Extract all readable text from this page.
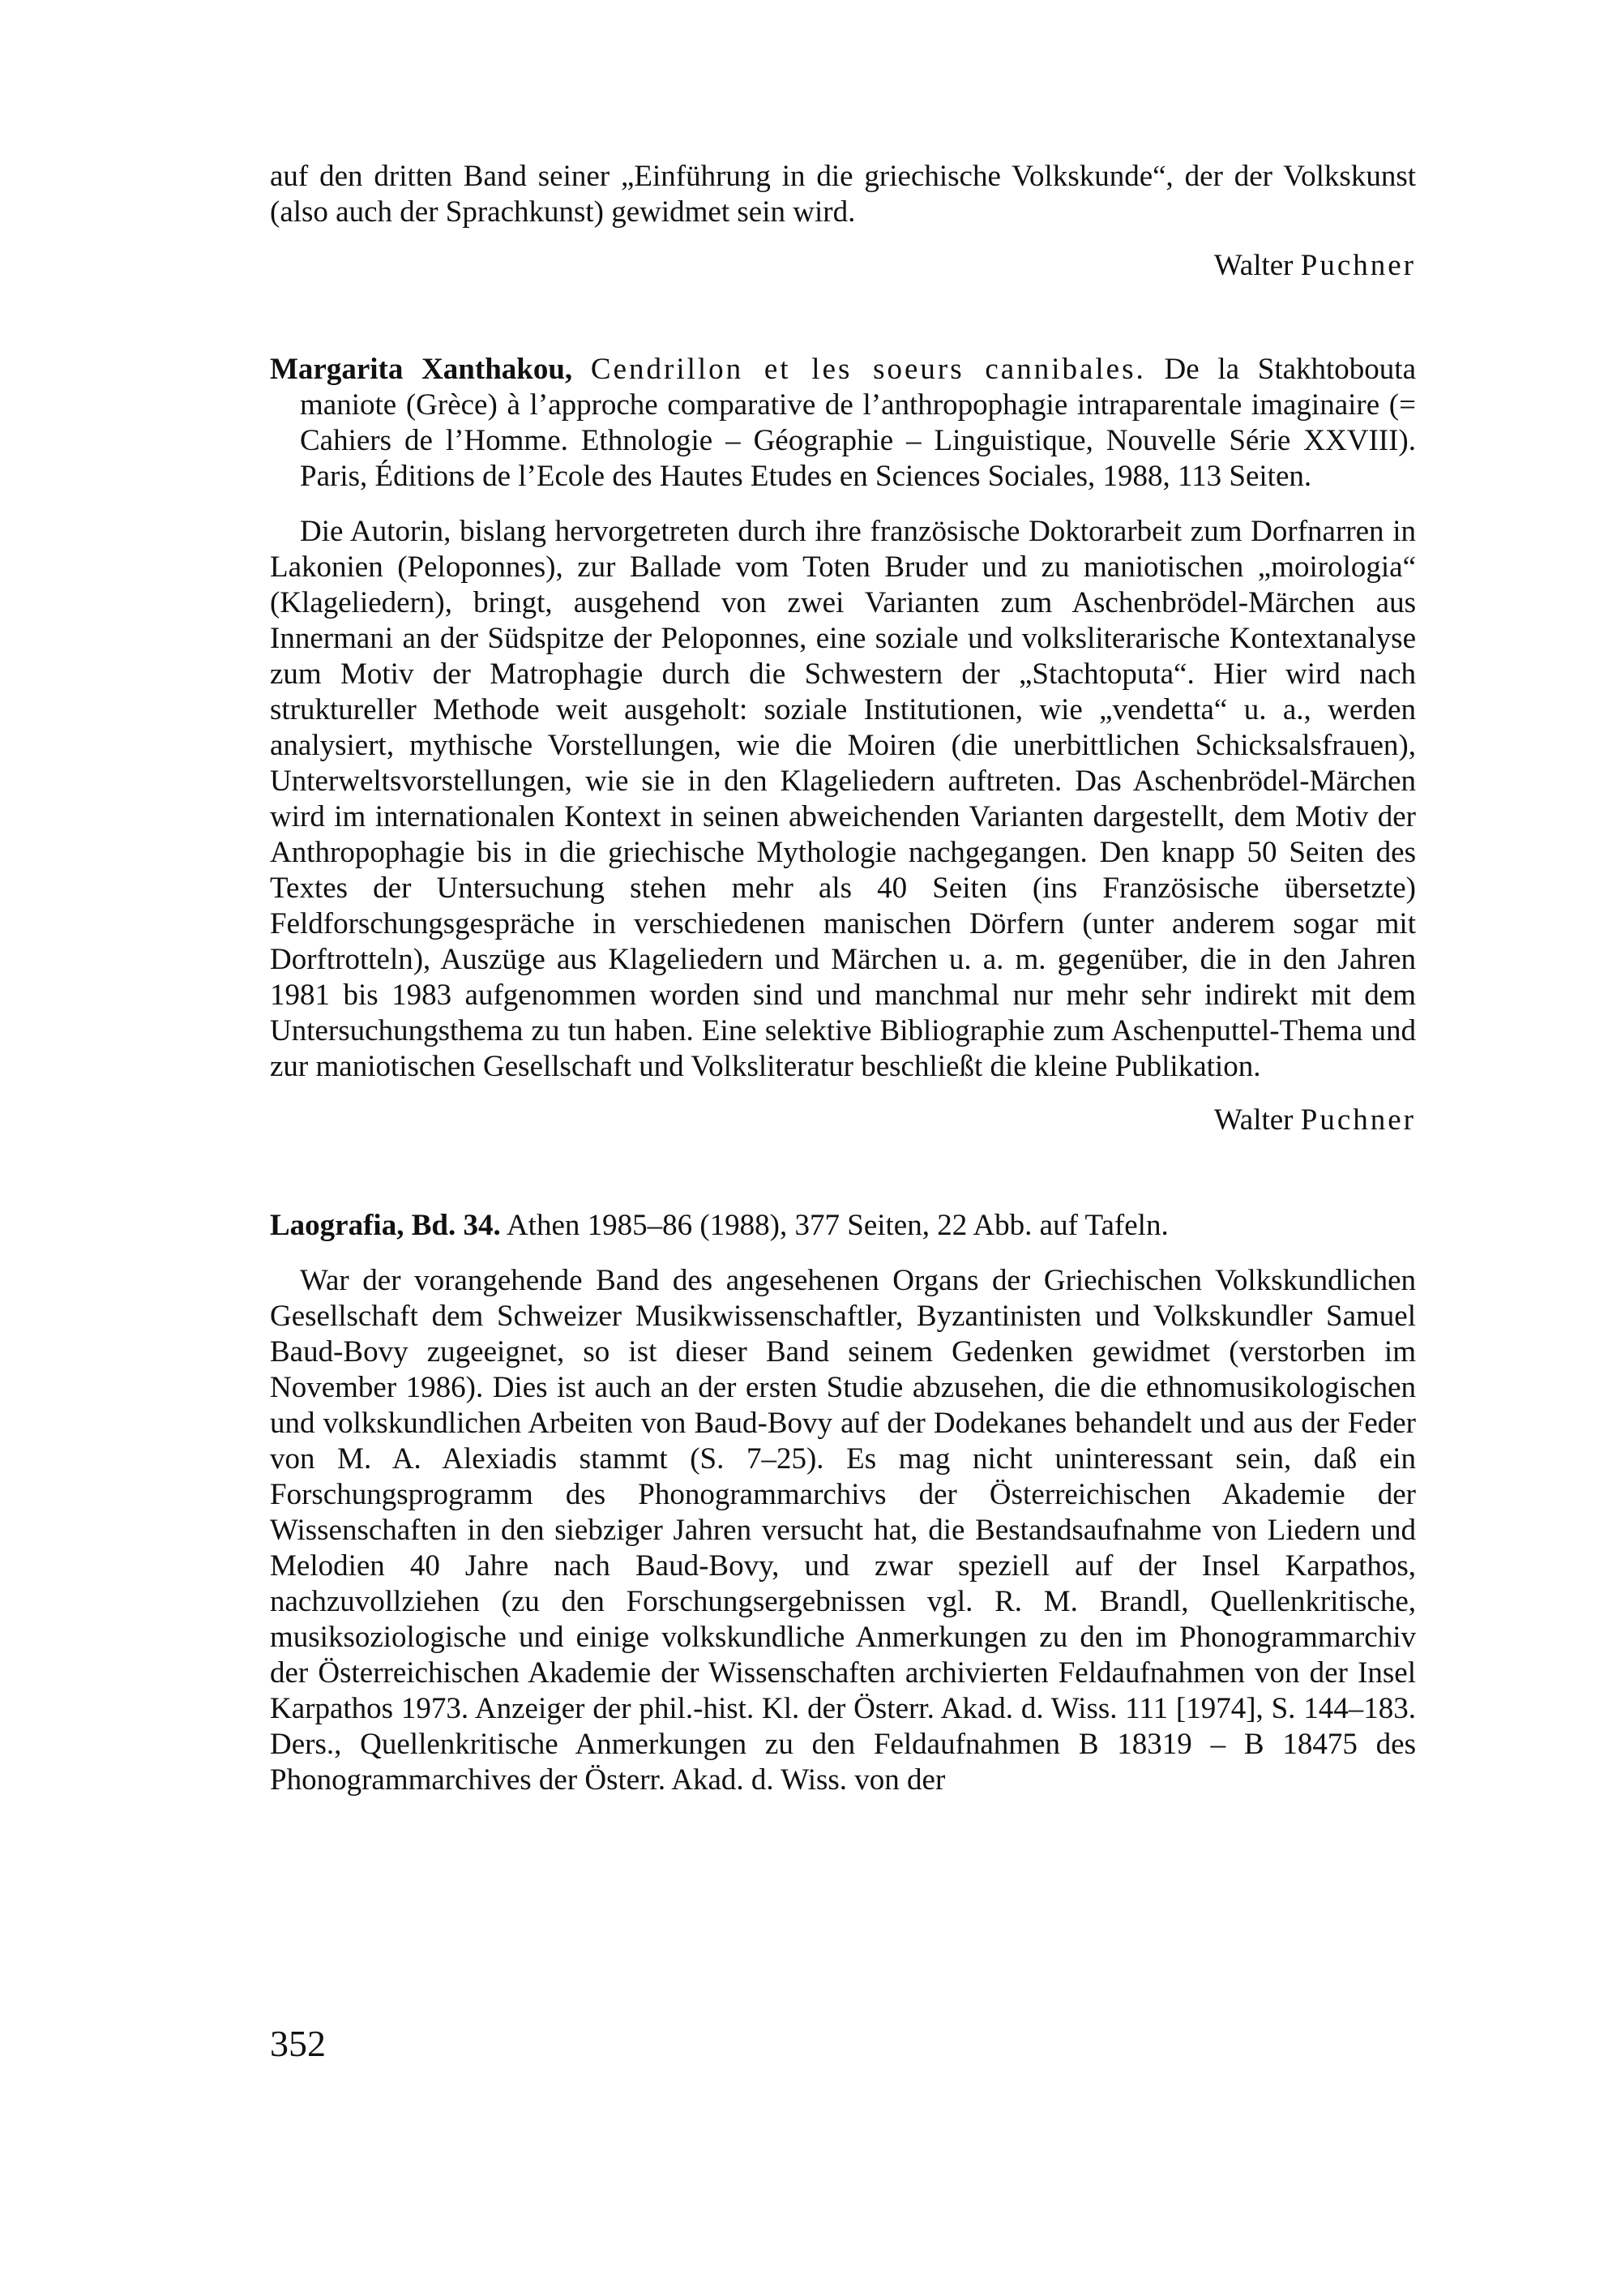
auf den dritten Band seiner „Einführung in die griechische Volkskunde“, der der Volkskunst (also auch der Sprachkunst) gewidmet sein wird.

Walter Puchner

Margarita Xanthakou, Cendrillon et les soeurs cannibales. De la Stakhtobouta maniote (Grèce) à l’approche comparative de l’anthropophagie intraparentale imaginaire (= Cahiers de l’Homme. Ethnologie – Géographie – Linguistique, Nouvelle Série XXVIII). Paris, Éditions de l’Ecole des Hautes Etudes en Sciences Sociales, 1988, 113 Seiten.

Die Autorin, bislang hervorgetreten durch ihre französische Doktorarbeit zum Dorfnarren in Lakonien (Peloponnes), zur Ballade vom Toten Bruder und zu maniotischen „moirologia“ (Klageliedern), bringt, ausgehend von zwei Varianten zum Aschenbrödel-Märchen aus Innermani an der Südspitze der Peloponnes, eine soziale und volksliterarische Kontextanalyse zum Motiv der Matrophagie durch die Schwestern der „Stachtoputa“. Hier wird nach struktureller Methode weit ausgeholt: soziale Institutionen, wie „vendetta“ u. a., werden analysiert, mythische Vorstellungen, wie die Moiren (die unerbittlichen Schicksalsfrauen), Unterweltsvorstellungen, wie sie in den Klageliedern auftreten. Das Aschenbrödel-Märchen wird im internationalen Kontext in seinen abweichenden Varianten dargestellt, dem Motiv der Anthropophagie bis in die griechische Mythologie nachgegangen. Den knapp 50 Seiten des Textes der Untersuchung stehen mehr als 40 Seiten (ins Französische übersetzte) Feldforschungsgespräche in verschiedenen manischen Dörfern (unter anderem sogar mit Dorftrotteln), Auszüge aus Klageliedern und Märchen u. a. m. gegenüber, die in den Jahren 1981 bis 1983 aufgenommen worden sind und manchmal nur mehr sehr indirekt mit dem Untersuchungsthema zu tun haben. Eine selektive Bibliographie zum Aschenputtel-Thema und zur maniotischen Gesellschaft und Volksliteratur beschließt die kleine Publikation.

Walter Puchner

Laografia, Bd. 34. Athen 1985–86 (1988), 377 Seiten, 22 Abb. auf Tafeln.

War der vorangehende Band des angesehenen Organs der Griechischen Volkskundlichen Gesellschaft dem Schweizer Musikwissenschaftler, Byzantinisten und Volkskundler Samuel Baud-Bovy zugeeignet, so ist dieser Band seinem Gedenken gewidmet (verstorben im November 1986). Dies ist auch an der ersten Studie abzusehen, die die ethnomusikologischen und volkskundlichen Arbeiten von Baud-Bovy auf der Dodekanes behandelt und aus der Feder von M. A. Alexiadis stammt (S. 7–25). Es mag nicht uninteressant sein, daß ein Forschungsprogramm des Phonogrammarchivs der Österreichischen Akademie der Wissenschaften in den siebziger Jahren versucht hat, die Bestandsaufnahme von Liedern und Melodien 40 Jahre nach Baud-Bovy, und zwar speziell auf der Insel Karpathos, nachzuvollziehen (zu den Forschungsergebnissen vgl. R. M. Brandl, Quellenkritische, musiksoziologische und einige volkskundliche Anmerkungen zu den im Phonogrammarchiv der Österreichischen Akademie der Wissenschaften archivierten Feldaufnahmen von der Insel Karpathos 1973. Anzeiger der phil.-hist. Kl. der Österr. Akad. d. Wiss. 111 [1974], S. 144–183. Ders., Quellenkritische Anmerkungen zu den Feldaufnahmen B 18319 – B 18475 des Phonogrammarchives der Österr. Akad. d. Wiss. von der

352
